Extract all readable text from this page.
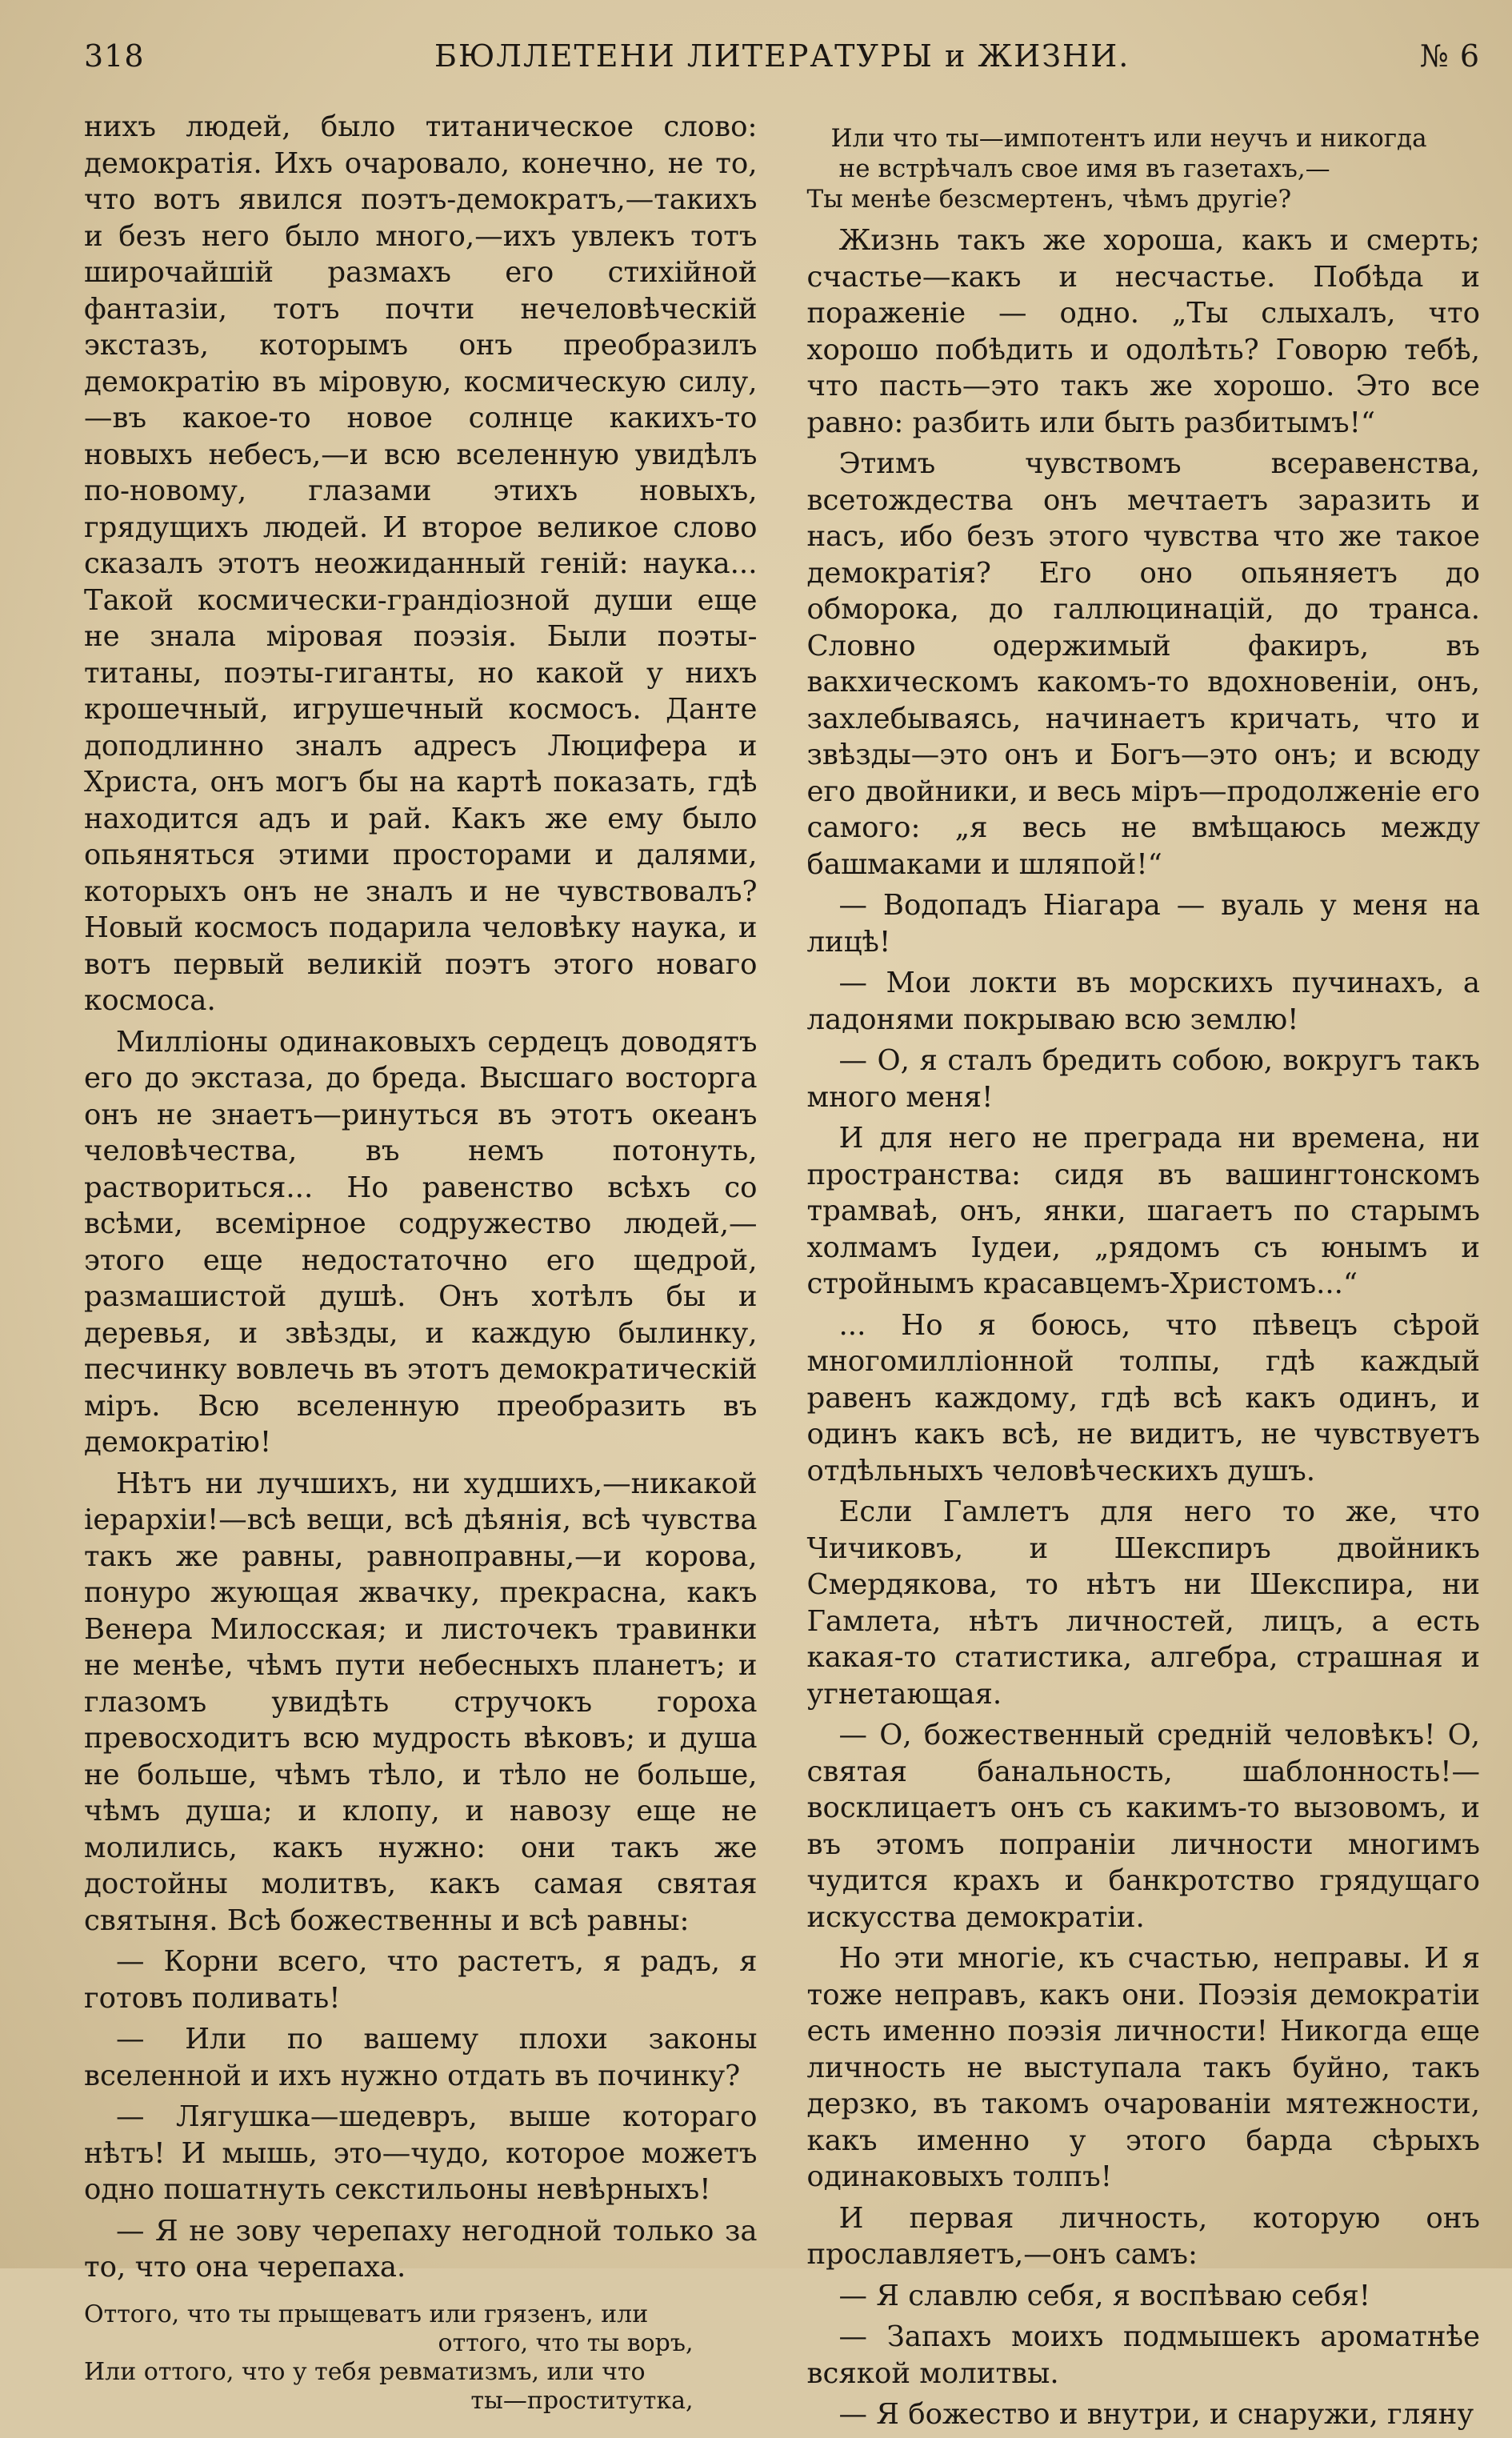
318	БЮЛЛЕТЕНИ ЛИТЕРАТУРЫ и ЖИЗНИ.	№ 6

нихъ людей, было титаническое слово: демократія. Ихъ очаровало, конечно, не то, что вотъ явился поэтъ-демократъ,—такихъ и безъ него было много,—ихъ увлекъ тотъ широчайшій размахъ его стихійной фантазіи, тотъ почти нечеловѣческій экстазъ, которымъ онъ преобразилъ демократію въ міровую, космическую силу,—въ какое-то новое солнце какихъ-то новыхъ небесъ,—и всю вселенную увидѣлъ по-новому, глазами этихъ новыхъ, грядущихъ людей. И второе великое слово сказалъ этотъ неожиданный геній: наука... Такой космически-грандіозной души еще не знала міровая поэзія. Были поэты-титаны, поэты-гиганты, но какой у нихъ крошечный, игрушечный космосъ. Данте доподлинно зналъ адресъ Люцифера и Христа, онъ могъ бы на картѣ показать, гдѣ находится адъ и рай. Какъ же ему было опьяняться этими просторами и далями, которыхъ онъ не зналъ и не чувствовалъ? Новый космосъ подарила человѣку наука, и вотъ первый великій поэтъ этого новаго космоса.

Милліоны одинаковыхъ сердецъ доводятъ его до экстаза, до бреда. Высшаго восторга онъ не знаетъ—ринуться въ этотъ океанъ человѣчества, въ немъ потонуть, раствориться... Но равенство всѣхъ со всѣми, всемірное содружество людей,—этого еще недостаточно его щедрой, размашистой душѣ. Онъ хотѣлъ бы и деревья, и звѣзды, и каждую былинку, песчинку вовлечь въ этотъ демократическій міръ. Всю вселенную преобразить въ демократію!

Нѣтъ ни лучшихъ, ни худшихъ,—никакой іерархіи!—всѣ вещи, всѣ дѣянія, всѣ чувства такъ же равны, равноправны,—и корова, понуро жующая жвачку, прекрасна, какъ Венера Милосская; и листочекъ травинки не менѣе, чѣмъ пути небесныхъ планетъ; и глазомъ увидѣть стручокъ гороха превосходитъ всю мудрость вѣковъ; и душа не больше, чѣмъ тѣло, и тѣло не больше, чѣмъ душа; и клопу, и навозу еще не молились, какъ нужно: они такъ же достойны молитвъ, какъ самая святая святыня. Всѣ божественны и всѣ равны:

— Корни всего, что растетъ, я радъ, я готовъ поливать!

— Или по вашему плохи законы вселенной и ихъ нужно отдать въ починку?

— Лягушка—шедевръ, выше котораго нѣтъ! И мышь, это—чудо, которое можетъ одно пошатнуть секстильоны невѣрныхъ!

— Я не зову черепаху негодной только за то, что она черепаха.

Оттого, что ты прыщеватъ или грязенъ, или

оттого, что ты воръ,

Или оттого, что у тебя ревматизмъ, или что

ты—проститутка,

Или что ты—импотентъ или неучъ и никогда

не встрѣчалъ свое имя въ газетахъ,—

Ты менѣе безсмертенъ, чѣмъ другіе?

Жизнь такъ же хороша, какъ и смерть; счастье—какъ и несчастье. Побѣда и пораженіе — одно. „Ты слыхалъ, что хорошо побѣдить и одолѣть? Говорю тебѣ, что пасть—это такъ же хорошо. Это все равно: разбить или быть разбитымъ!“

Этимъ чувствомъ всеравенства, всетождества онъ мечтаетъ заразить и насъ, ибо безъ этого чувства что же такое демократія? Его оно опьяняетъ до обморока, до галлюцинацій, до транса. Словно одержимый факиръ, въ вакхическомъ какомъ-то вдохновеніи, онъ, захлебываясь, начинаетъ кричать, что и звѣзды—это онъ и Богъ—это онъ; и всюду его двойники, и весь міръ—продолженіе его самого: „я весь не вмѣщаюсь между башмаками и шляпой!“

— Водопадъ Ніагара — вуаль у меня на лицѣ!

— Мои локти въ морскихъ пучинахъ, а ладонями покрываю всю землю!

— О, я сталъ бредить собою, вокругъ такъ много меня!

И для него не преграда ни времена, ни пространства: сидя въ вашингтонскомъ трамваѣ, онъ, янки, шагаетъ по старымъ холмамъ Іудеи, „рядомъ съ юнымъ и стройнымъ красавцемъ-Христомъ...“

... Но я боюсь, что пѣвецъ сѣрой многомилліонной толпы, гдѣ каждый равенъ каждому, гдѣ всѣ какъ одинъ, и одинъ какъ всѣ, не видитъ, не чувствуетъ отдѣльныхъ человѣческихъ душъ.

Если Гамлетъ для него то же, что Чичиковъ, и Шекспиръ двойникъ Смердякова, то нѣтъ ни Шекспира, ни Гамлета, нѣтъ личностей, лицъ, а есть какая-то статистика, алгебра, страшная и угнетающая.

— О, божественный средній человѣкъ! О, святая банальность, шаблонность!—восклицаетъ онъ съ какимъ-то вызовомъ, и въ этомъ попраніи личности многимъ чудится крахъ и банкротство грядущаго искусства демократіи.

Но эти многіе, къ счастью, неправы. И я тоже неправъ, какъ они. Поэзія демократіи есть именно поэзія личности! Никогда еще личность не выступала такъ буйно, такъ дерзко, въ такомъ очарованіи мятежности, какъ именно у этого барда сѣрыхъ одинаковыхъ толпъ!

И первая личность, которую онъ прославляетъ,—онъ самъ:

— Я славлю себя, я воспѣваю себя!

— Запахъ моихъ подмышекъ ароматнѣе всякой молитвы.

— Я божество и внутри, и снаружи, гляну
